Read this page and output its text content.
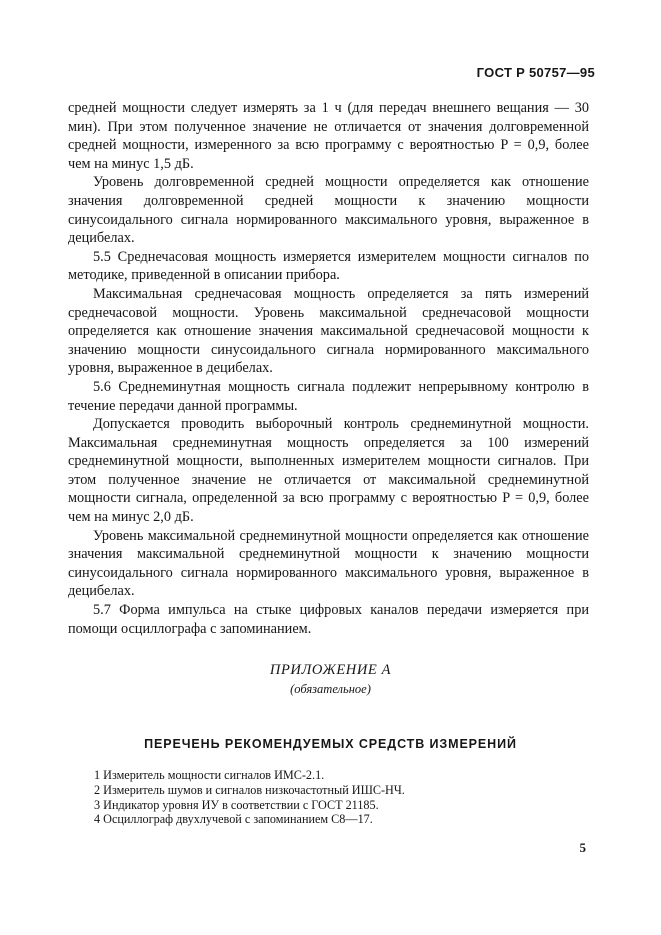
ГОСТ Р 50757—95

средней мощности следует измерять за 1 ч (для передач внешнего вещания — 30 мин). При этом полученное значение не отличается от значения долговременной средней мощности, измеренного за всю программу с вероятностью P = 0,9, более чем на минус 1,5 дБ.

Уровень долговременной средней мощности определяется как отношение значения долговременной средней мощности к значению мощности синусоидального сигнала нормированного максимального уровня, выраженное в децибелах.

5.5 Среднечасовая мощность измеряется измерителем мощности сигналов по методике, приведенной в описании прибора.

Максимальная среднечасовая мощность определяется за пять измерений среднечасовой мощности. Уровень максимальной среднечасовой мощности определяется как отношение значения максимальной среднечасовой мощности к значению мощности синусоидального сигнала нормированного максимального уровня, выраженное в децибелах.

5.6 Среднеминутная мощность сигнала подлежит непрерывному контролю в течение передачи данной программы.

Допускается проводить выборочный контроль среднеминутной мощности. Максимальная среднеминутная мощность определяется за 100 измерений среднеминутной мощности, выполненных измерителем мощности сигналов. При этом полученное значение не отличается от максимальной среднеминутной мощности сигнала, определенной за всю программу с вероятностью P = 0,9, более чем на минус 2,0 дБ.

Уровень максимальной среднеминутной мощности определяется как отношение значения максимальной среднеминутной мощности к значению мощности синусоидального сигнала нормированного максимального уровня, выраженное в децибелах.

5.7 Форма импульса на стыке цифровых каналов передачи измеряется при помощи осциллографа с запоминанием.

ПРИЛОЖЕНИЕ А
(обязательное)
ПЕРЕЧЕНЬ РЕКОМЕНДУЕМЫХ СРЕДСТВ ИЗМЕРЕНИЙ
1 Измеритель мощности сигналов ИМС-2.1.
2 Измеритель шумов и сигналов низкочастотный ИШС-НЧ.
3 Индикатор уровня ИУ в соответствии с ГОСТ 21185.
4 Осциллограф двухлучевой с запоминанием С8—17.
5
